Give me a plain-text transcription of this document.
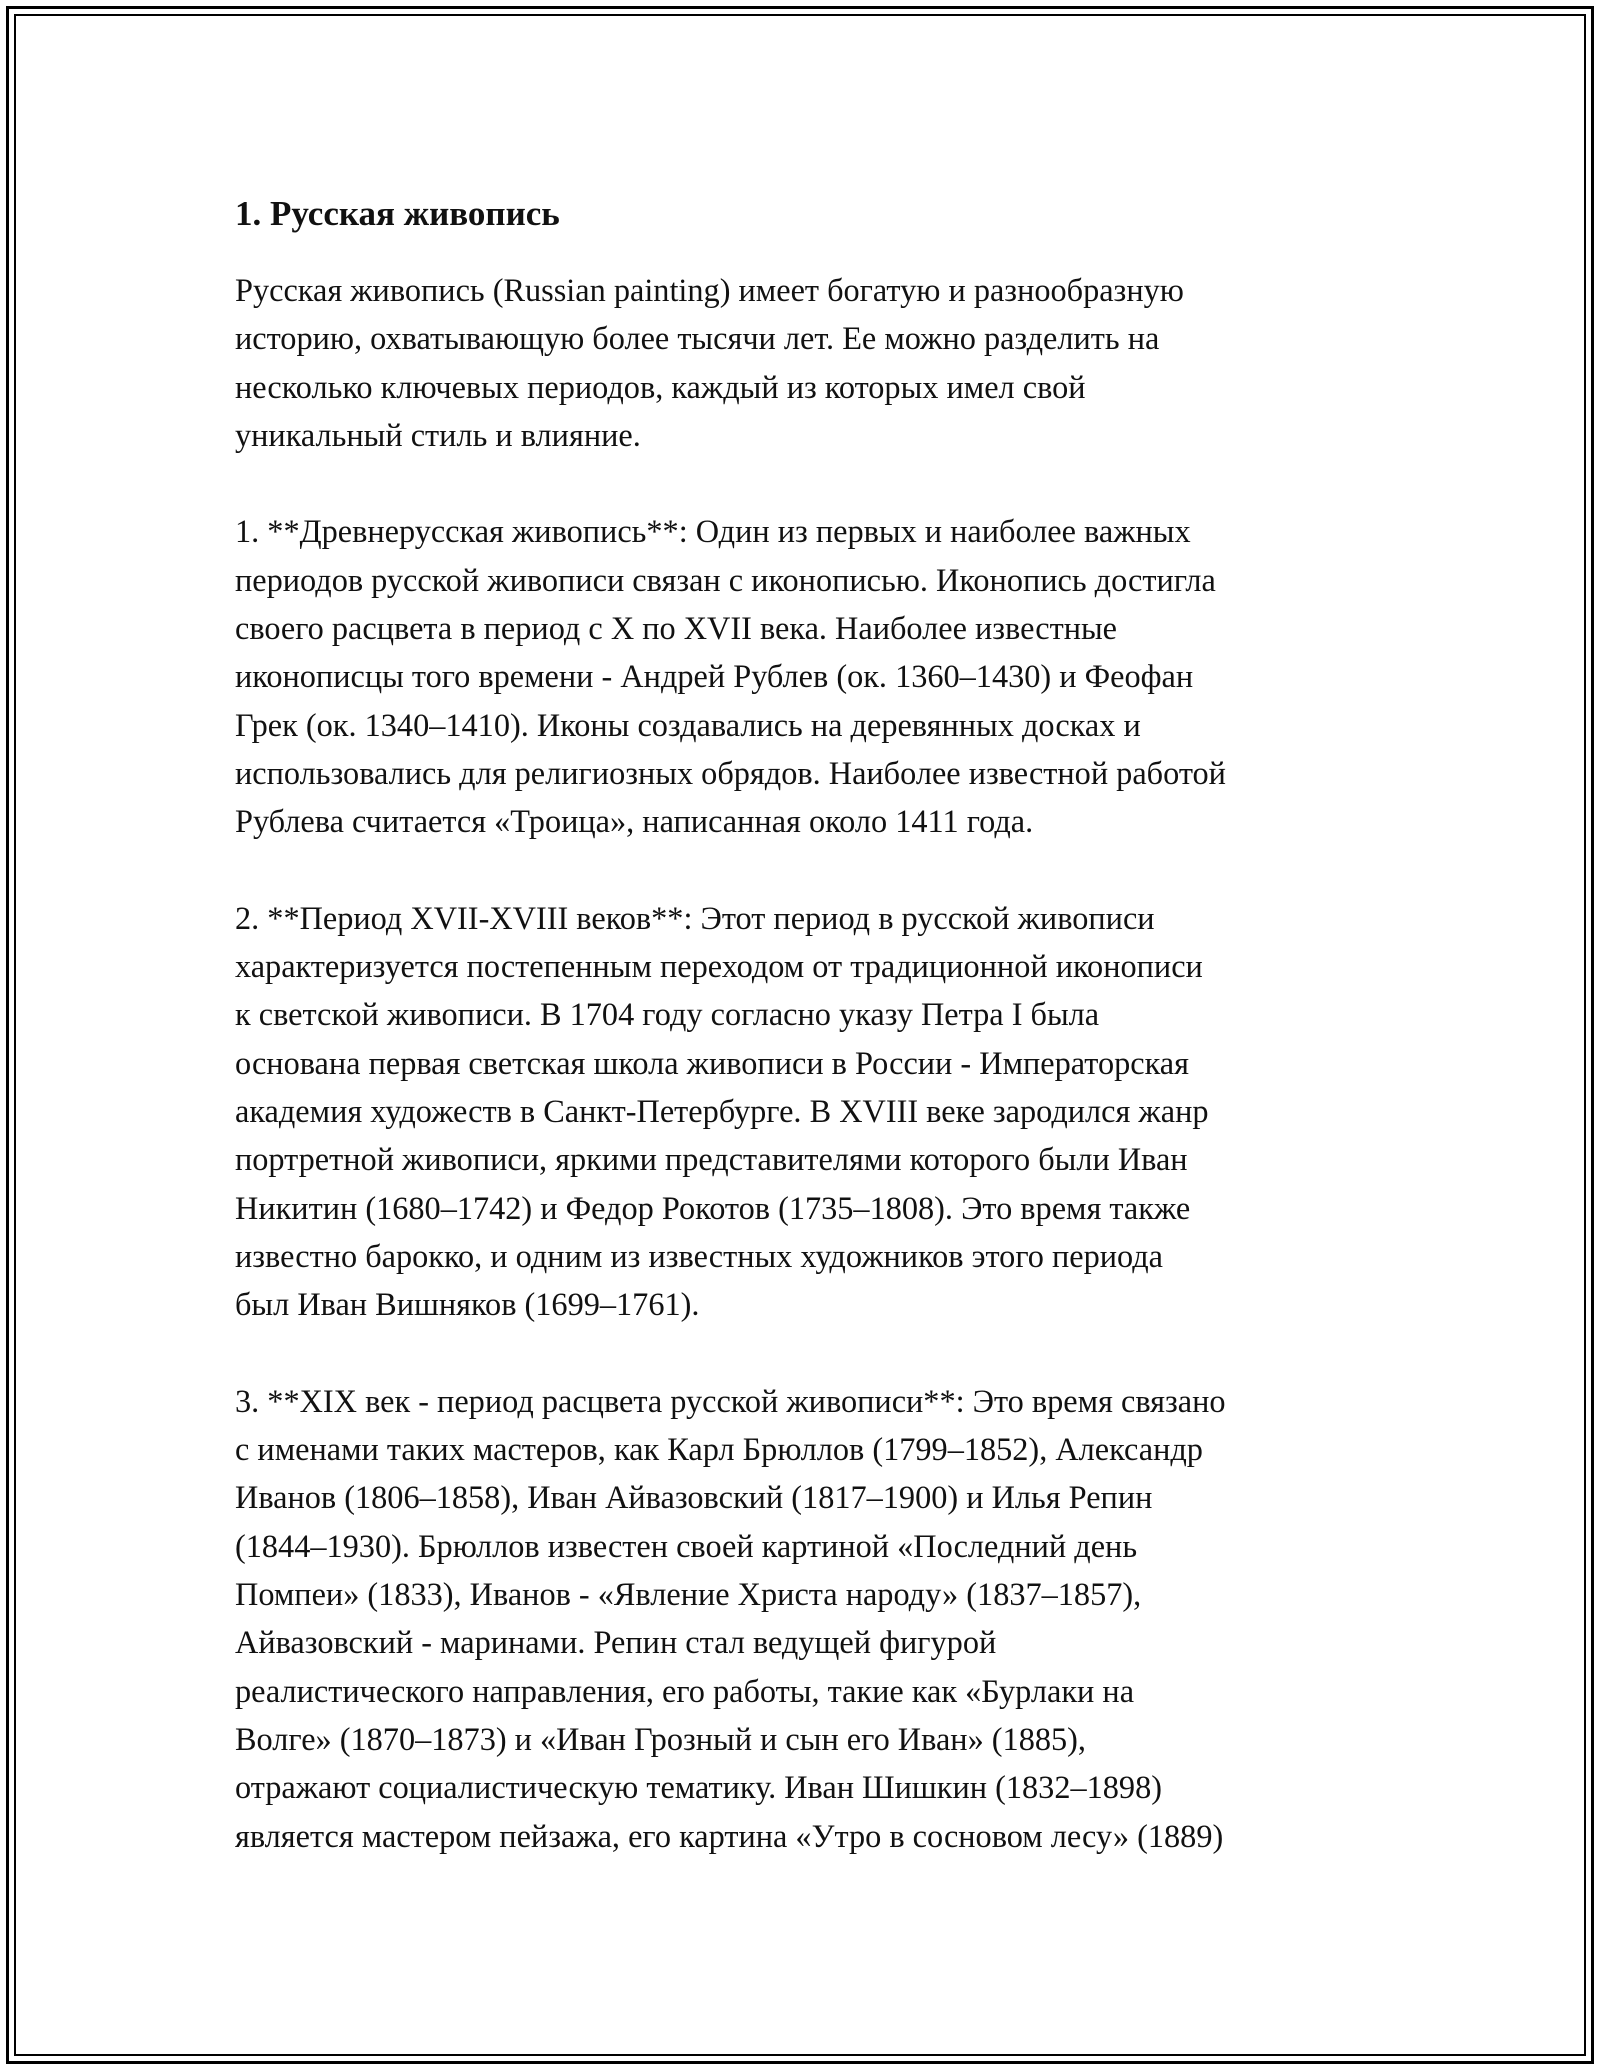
1. Русская живопись

Русская живопись (Russian painting) имеет богатую и разнообразную
историю, охватывающую более тысячи лет. Ее можно разделить на
несколько ключевых периодов, каждый из которых имел свой
уникальный стиль и влияние.

1. **Древнерусская живопись**: Один из первых и наиболее важных
периодов русской живописи связан с иконописью. Иконопись достигла
своего расцвета в период с X по XVII века. Наиболее известные
иконописцы того времени - Андрей Рублев (ок. 1360–1430) и Феофан
Грек (ок. 1340–1410). Иконы создавались на деревянных досках и
использовались для религиозных обрядов. Наиболее известной работой
Рублева считается «Троица», написанная около 1411 года.

2. **Период XVII-XVIII веков**: Этот период в русской живописи
характеризуется постепенным переходом от традиционной иконописи
к светской живописи. В 1704 году согласно указу Петра I была
основана первая светская школа живописи в России - Императорская
академия художеств в Санкт-Петербурге. В XVIII веке зародился жанр
портретной живописи, яркими представителями которого были Иван
Никитин (1680–1742) и Федор Рокотов (1735–1808). Это время также
известно барокко, и одним из известных художников этого периода
был Иван Вишняков (1699–1761).

3. **XIX век - период расцвета русской живописи**: Это время связано
с именами таких мастеров, как Карл Брюллов (1799–1852), Александр
Иванов (1806–1858), Иван Айвазовский (1817–1900) и Илья Репин
(1844–1930). Брюллов известен своей картиной «Последний день
Помпеи» (1833), Иванов - «Явление Христа народу» (1837–1857),
Айвазовский - маринами. Репин стал ведущей фигурой
реалистического направления, его работы, такие как «Бурлаки на
Волге» (1870–1873) и «Иван Грозный и сын его Иван» (1885),
отражают социалистическую тематику. Иван Шишкин (1832–1898)
является мастером пейзажа, его картина «Утро в сосновом лесу» (1889)
